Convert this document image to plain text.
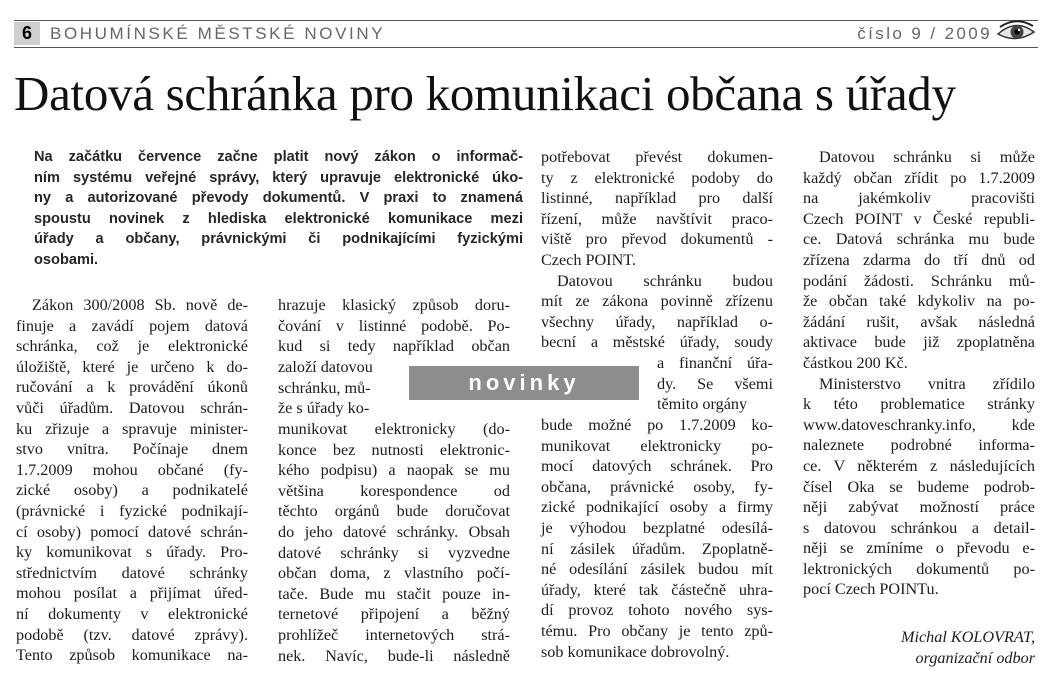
6	BOHUMÍNSKÉ MĚSTSKÉ NOVINY	číslo 9 / 2009
Datová schránka pro komunikaci občana s úřady
Na začátku července začne platit nový zákon o informač-
ním systému veřejné správy, který upravuje elektronické úko-
ny a autorizované převody dokumentů. V praxi to znamená
spoustu novinek z hlediska elektronické komunikace mezi
úřady a občany, právnickými či podnikajícími fyzickými
osobami.
Zákon 300/2008 Sb. nově de-
finuje a zavádí pojem datová
schránka, což je elektronické
úložiště, které je určeno k do-
ručování a k provádění úkonů
vůči úřadům. Datovou schrán-
ku zřizuje a spravuje minister-
stvo vnitra. Počínaje dnem
1.7.2009 mohou občané (fy-
zické osoby) a podnikatelé
(právnické i fyzické podnikají-
cí osoby) pomocí datové schrán-
ky komunikovat s úřady. Pro-
střednictvím datové schránky
mohou posílat a přijímat úřed-
ní dokumenty v elektronické
podobě (tzv. datové zprávy).
Tento způsob komunikace na-
hrazuje klasický způsob doru-
čování v listinné podobě. Po-
kud si tedy například občan
založí datovou
schránku, mů-
že s úřady ko-
munikovat elektronicky (do-
konce bez nutnosti elektronic-
kého podpisu) a naopak se mu
většina korespondence od
těchto orgánů bude doručovat
do jeho datové schránky. Obsah
datové schránky si vyzvedne
občan doma, z vlastního počí-
tače. Bude mu stačit pouze in-
ternetové připojení a běžný
prohlížeč internetových strá-
nek. Navíc, bude-li následně
novinky
potřebovat převést dokumen-
ty z elektronické podoby do
listinné, například pro další
řízení, může navštívit praco-
viště pro převod dokumentů -
Czech POINT.
Datovou schránku budou
mít ze zákona povinně zřízenu
všechny úřady, například o-
becní a městské úřady, soudy
a finanční úřa-
dy. Se všemi
těmito orgány
bude možné po 1.7.2009 ko-
munikovat elektronicky po-
mocí datových schránek. Pro
občana, právnické osoby, fy-
zické podnikající osoby a firmy
je výhodou bezplatné odesílá-
ní zásilek úřadům. Zpoplatně-
né odesílání zásilek budou mít
úřady, které tak částečně uhra-
dí provoz tohoto nového sys-
tému. Pro občany je tento způ-
sob komunikace dobrovolný.
Datovou schránku si může
každý občan zřídit po 1.7.2009
na jakémkoliv pracovišti
Czech POINT v České republi-
ce. Datová schránka mu bude
zřízena zdarma do tří dnů od
podání žádosti. Schránku mů-
že občan také kdykoliv na po-
žádání rušit, avšak následná
aktivace bude již zpoplatněna
částkou 200 Kč.
Ministerstvo vnitra zřídilo
k této problematice stránky
www.datoveschranky.info, kde
naleznete podrobné informa-
ce. V některém z následujících
čísel Oka se budeme podrob-
něji zabývat možností práce
s datovou schránkou a detail-
něji se zmíníme o převodu e-
lektronických dokumentů po-
pocí Czech POINTu.
Michal KOLOVRAT,
organizační odbor
